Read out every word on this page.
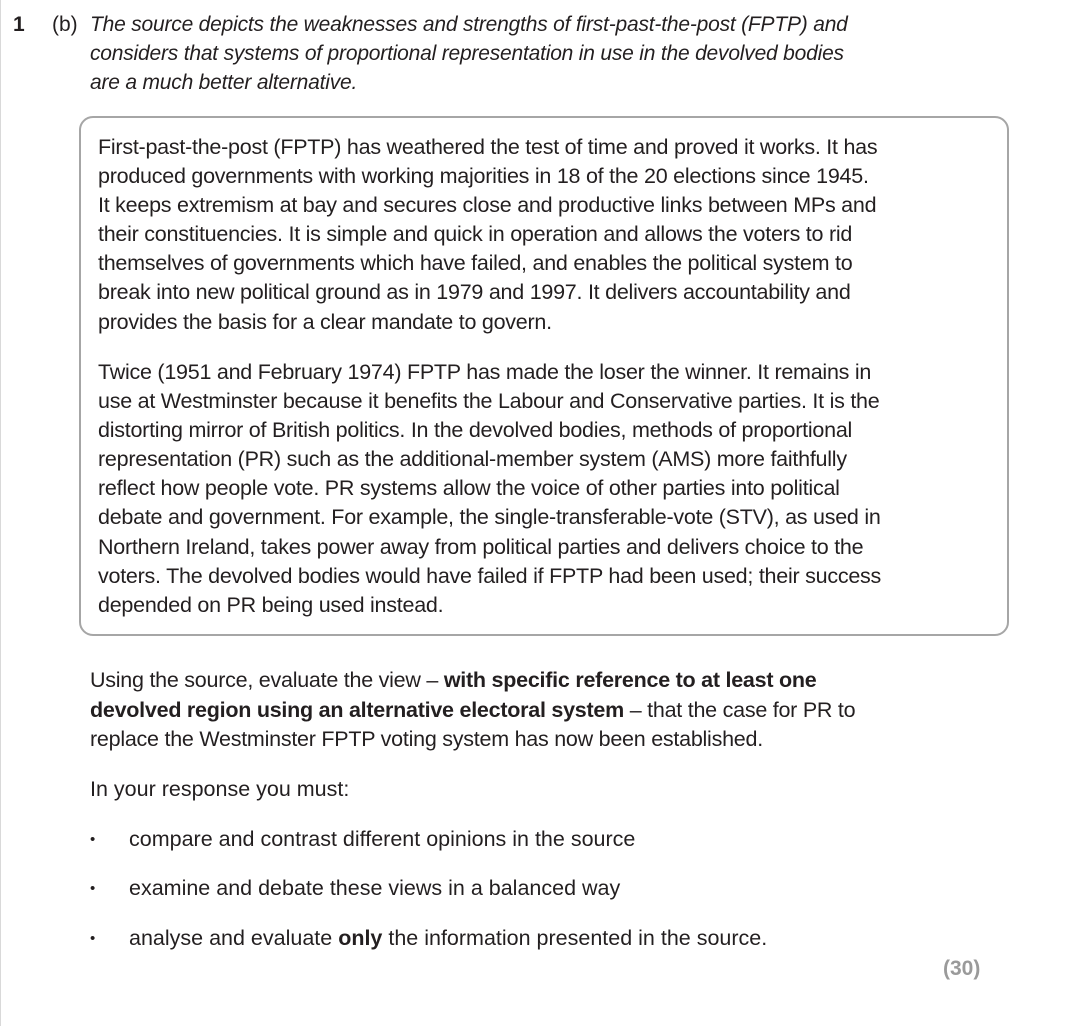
1 (b) The source depicts the weaknesses and strengths of first-past-the-post (FPTP) and
considers that systems of proportional representation in use in the devolved bodies
are a much better alternative.
First-past-the-post (FPTP) has weathered the test of time and proved it works. It has
produced governments with working majorities in 18 of the 20 elections since 1945.
It keeps extremism at bay and secures close and productive links between MPs and
their constituencies. It is simple and quick in operation and allows the voters to rid
themselves of governments which have failed, and enables the political system to
break into new political ground as in 1979 and 1997. It delivers accountability and
provides the basis for a clear mandate to govern.
Twice (1951 and February 1974) FPTP has made the loser the winner. It remains in
use at Westminster because it benefits the Labour and Conservative parties. It is the
distorting mirror of British politics. In the devolved bodies, methods of proportional
representation (PR) such as the additional-member system (AMS) more faithfully
reflect how people vote. PR systems allow the voice of other parties into political
debate and government. For example, the single-transferable-vote (STV), as used in
Northern Ireland, takes power away from political parties and delivers choice to the
voters. The devolved bodies would have failed if FPTP had been used; their success
depended on PR being used instead.
Using the source, evaluate the view – with specific reference to at least one
devolved region using an alternative electoral system – that the case for PR to
replace the Westminster FPTP voting system has now been established.
In your response you must:
• compare and contrast different opinions in the source
• examine and debate these views in a balanced way
• analyse and evaluate only the information presented in the source.
(30)
